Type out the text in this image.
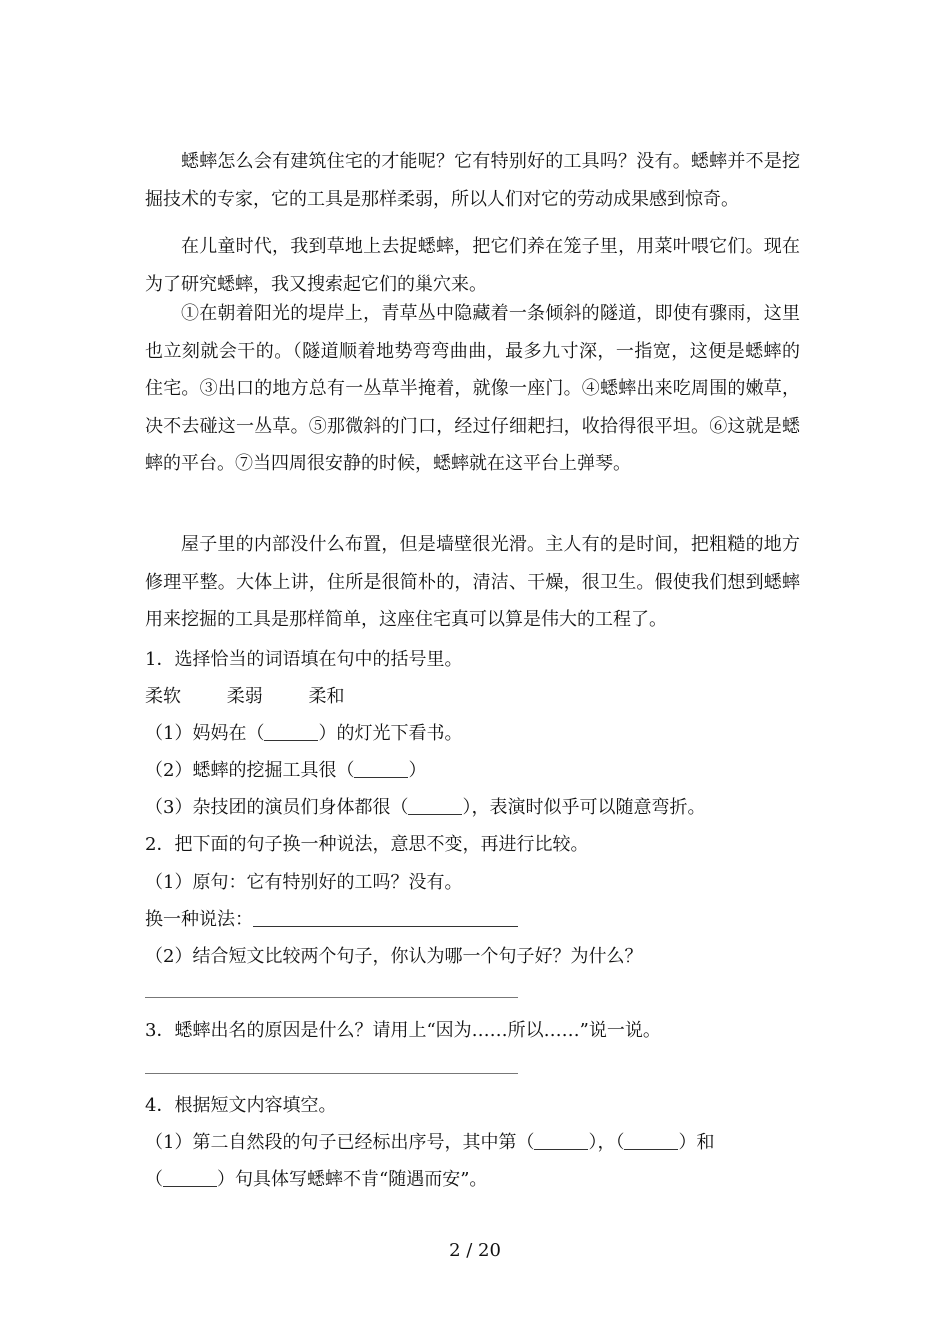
蟋蟀怎么会有建筑住宅的才能呢？它有特别好的工具吗？没有。蟋蟀并不是挖掘技术的专家，它的工具是那样柔弱，所以人们对它的劳动成果感到惊奇。
在儿童时代，我到草地上去捉蟋蟀，把它们养在笼子里，用菜叶喂它们。现在为了研究蟋蟀，我又搜索起它们的巢穴来。
①在朝着阳光的堤岸上，青草丛中隐藏着一条倾斜的隧道，即使有骤雨，这里也立刻就会干的。（隧道顺着地势弯弯曲曲，最多九寸深，一指宽，这便是蟋蟀的住宅。③出口的地方总有一丛草半掩着，就像一座门。④蟋蟀出来吃周围的嫩草，决不去碰这一丛草。⑤那微斜的门口，经过仔细耙扫，收拾得很平坦。⑥这就是蟋蟀的平台。⑦当四周很安静的时候，蟋蟀就在这平台上弹琴。
屋子里的内部没什么布置，但是墙壁很光滑。主人有的是时间，把粗糙的地方修理平整。大体上讲，住所是很简朴的，清洁、干燥，很卫生。假使我们想到蟋蟀用来挖掘的工具是那样简单，这座住宅真可以算是伟大的工程了。
1．选择恰当的词语填在句中的括号里。
柔软	柔弱	柔和
（1）妈妈在（	）的灯光下看书。
（2）蟋蟀的挖掘工具很（	）
（3）杂技团的演员们身体都很（	），表演时似乎可以随意弯折。
2．把下面的句子换一种说法，意思不变，再进行比较。
（1）原句：它有特别好的工吗？没有。
换一种说法：
（2）结合短文比较两个句子，你认为哪一个句子好？为什么？
3．蟋蟀出名的原因是什么？请用上“因为……所以……”说一说。
4．根据短文内容填空。
（1）第二自然段的句子已经标出序号，其中第（	），（	）和
（	）句具体写蟋蟀不肯“随遇而安”。
2 / 20
